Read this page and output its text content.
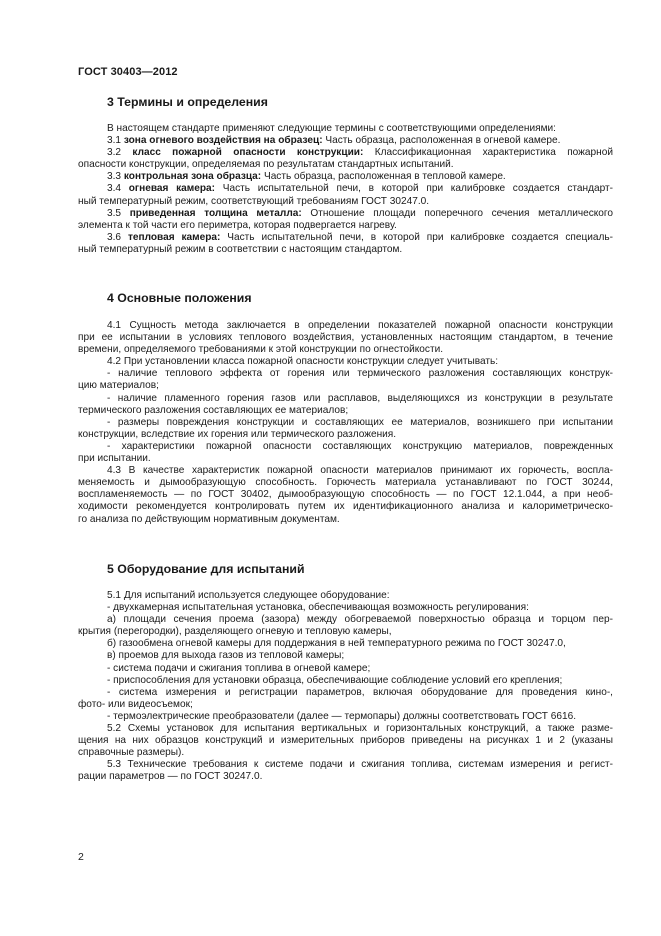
ГОСТ 30403—2012
3 Термины и определения

В настоящем стандарте применяют следующие термины с соответствующими определениями:

3.1 зона огневого воздействия на образец: Часть образца, расположенная в огневой камере.

3.2 класс пожарной опасности конструкции: Классификационная характеристика пожарной

опасности конструкции, определяемая по результатам стандартных испытаний.

3.3 контрольная зона образца: Часть образца, расположенная в тепловой камере.

3.4 огневая камера: Часть испытательной печи, в которой при калибровке создается стандарт-

ный температурный режим, соответствующий требованиям ГОСТ 30247.0.

3.5 приведенная толщина металла: Отношение площади поперечного сечения металлического

элемента к той части его периметра, которая подвергается нагреву.

3.6 тепловая камера: Часть испытательной печи, в которой при калибровке создается специаль-

ный температурный режим в соответствии с настоящим стандартом.

4 Основные положения

4.1 Сущность метода заключается в определении показателей пожарной опасности конструкции

при ее испытании в условиях теплового воздействия, установленных настоящим стандартом, в течение

времени, определяемого требованиями к этой конструкции по огнестойкости.

4.2 При установлении класса пожарной опасности конструкции следует учитывать:

- наличие теплового эффекта от горения или термического разложения составляющих конструк-

цию материалов;

- наличие пламенного горения газов или расплавов, выделяющихся из конструкции в результате

термического разложения составляющих ее материалов;

- размеры повреждения конструкции и составляющих ее материалов, возникшего при испытании

конструкции, вследствие их горения или термического разложения.

- характеристики пожарной опасности составляющих конструкцию материалов, поврежденных

при испытании.

4.3 В качестве характеристик пожарной опасности материалов принимают их горючесть, воспла-

меняемость и дымообразующую способность. Горючесть материала устанавливают по ГОСТ 30244,

воспламеняемость — по ГОСТ 30402, дымообразующую способность — по ГОСТ 12.1.044, а при необ-

ходимости рекомендуется контролировать путем их идентификационного анализа и калориметрическо-

го анализа по действующим нормативным документам.

5 Оборудование для испытаний

5.1 Для испытаний используется следующее оборудование:

- двухкамерная испытательная установка, обеспечивающая возможность регулирования:

а) площади сечения проема (зазора) между обогреваемой поверхностью образца и торцом пер-

крытия (перегородки), разделяющего огневую и тепловую камеры,

б) газообмена огневой камеры для поддержания в ней температурного режима по ГОСТ 30247.0,

в) проемов для выхода газов из тепловой камеры;

- система подачи и сжигания топлива в огневой камере;

- приспособления для установки образца, обеспечивающие соблюдение условий его крепления;

- система измерения и регистрации параметров, включая оборудование для проведения кино-,

фото- или видеосъемок;

- термоэлектрические преобразователи (далее — термопары) должны соответствовать ГОСТ 6616.

5.2 Схемы установок для испытания вертикальных и горизонтальных конструкций, а также разме-

щения на них образцов конструкций и измерительных приборов приведены на рисунках 1 и 2 (указаны

справочные размеры).

5.3 Технические требования к системе подачи и сжигания топлива, системам измерения и регист-

рации параметров — по ГОСТ 30247.0.

2
